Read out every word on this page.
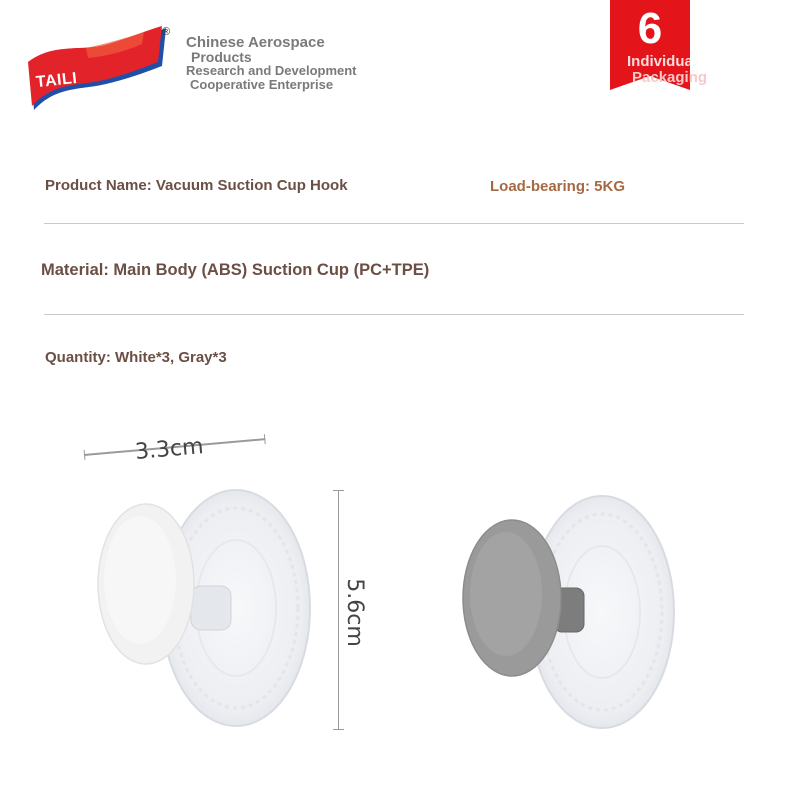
®
TAILI
Chinese Aerospace
Products
Research and Development
Cooperative Enterprise
6
Individual
Packaging
Product Name: Vacuum Suction Cup Hook	Load-bearing: 5KG
Material: Main Body (ABS) Suction Cup (PC+TPE)
Quantity: White*3, Gray*3
3.3cm
5.6cm
